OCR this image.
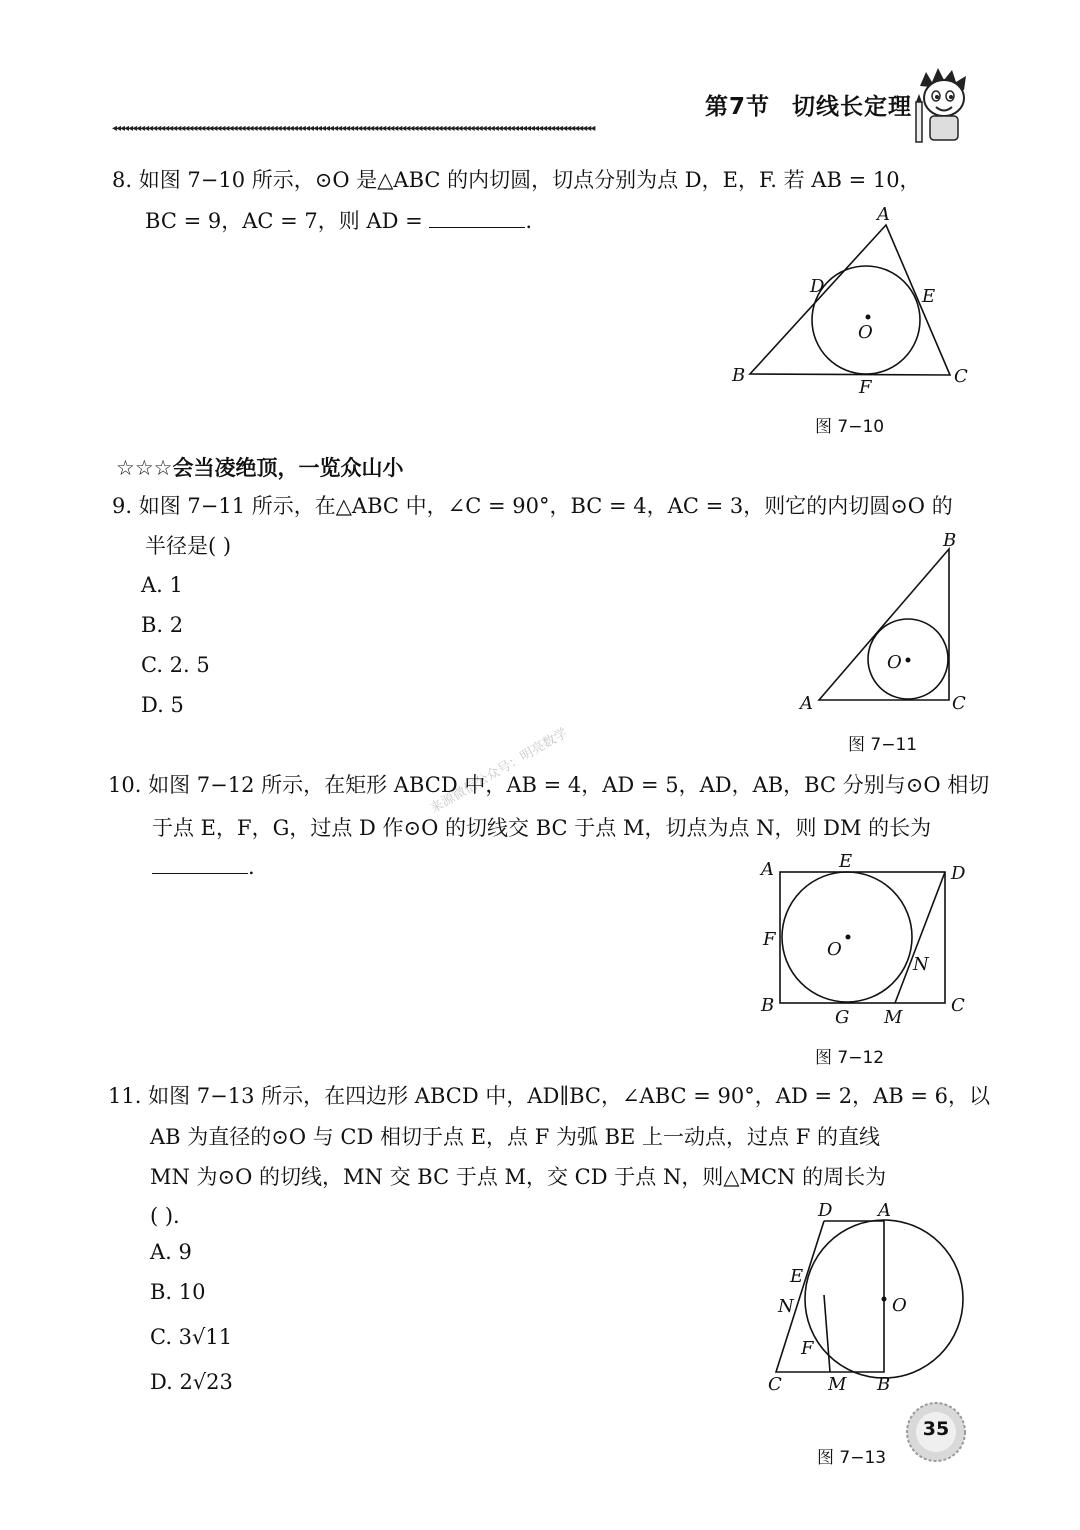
第7节 切线长定理
◂◂◂◂◂◂◂◂◂◂◂◂◂◂◂◂◂◂◂◂◂◂◂◂◂◂◂◂◂◂◂◂◂◂◂◂◂◂◂◂◂◂◂◂◂◂◂◂◂◂◂◂◂◂◂◂◂◂◂◂◂◂◂◂◂◂◂◂◂◂◂◂◂◂◂◂◂◂◂◂◂◂◂◂◂◂◂◂◂◂◂◂◂◂◂◂◂◂◂◂◂◂◂◂◂◂◂◂◂◂◂◂◂◂◂◂◂◂◂◂
8. 如图 7−10 所示，⊙O 是△ABC 的内切圆，切点分别为点 D，E，F. 若 AB = 10，
BC = 9，AC = 7，则 AD =	.	A
B	C
D	E
F
O
图 7−10
☆☆☆会当凌绝顶，一览众山小
9. 如图 7−11 所示，在△ABC 中，∠C = 90°，BC = 4，AC = 3，则它的内切圆⊙O 的
半径是( )
A. 1
B. 2
C. 2. 5
D. 5	A
B
C
O
图 7−11
来源微信公众号：明亮数学
10. 如图 7−12 所示，在矩形 ABCD 中，AB = 4，AD = 5，AD，AB，BC 分别与⊙O 相切
于点 E，F，G，过点 D 作⊙O 的切线交 BC 于点 M，切点为点 N，则 DM 的长为
.	A
B	C
D
E
F
G M
N
O
图 7−12
11. 如图 7−13 所示，在四边形 ABCD 中，AD∥BC，∠ABC = 90°，AD = 2，AB = 6，以
AB 为直径的⊙O 与 CD 相切于点 E，点 F 为弧 BE 上一动点，过点 F 的直线
MN 为⊙O 的切线，MN 交 BC 于点 M，交 CD 于点 N，则△MCN 的周长为
( ).
A. 9
B. 10
C. 3√11
D. 2√23
A
B
C
D
E
F
M
N	O
图 7−13
35
